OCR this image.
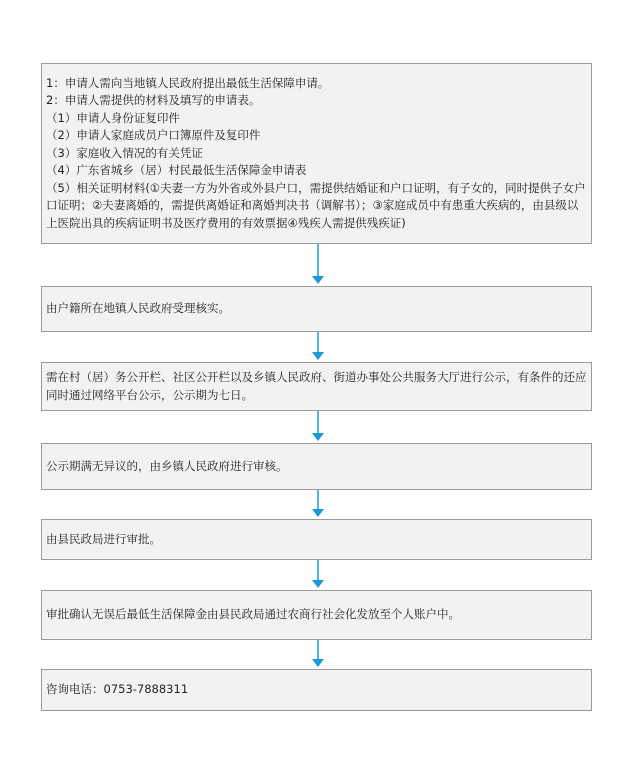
1：申请人需向当地镇人民政府提出最低生活保障申请。
2：申请人需提供的材料及填写的申请表。
（1）申请人身份证复印件
（2）申请人家庭成员户口簿原件及复印件
（3）家庭收入情况的有关凭证
（4）广东省城乡（居）村民最低生活保障金申请表
（5）相关证明材料(①夫妻一方为外省或外县户口，需提供结婚证和户口证明，有子女的，同时提供子女户口证明；②夫妻离婚的，需提供离婚证和离婚判决书（调解书）；③家庭成员中有患重大疾病的，由县级以上医院出具的疾病证明书及医疗费用的有效票据④残疾人需提供残疾证)
由户籍所在地镇人民政府受理核实。
需在村（居）务公开栏、社区公开栏以及乡镇人民政府、街道办事处公共服务大厅进行公示，有条件的还应同时通过网络平台公示，公示期为七日。
公示期满无异议的，由乡镇人民政府进行审核。
由县民政局进行审批。
审批确认无误后最低生活保障金由县民政局通过农商行社会化发放至个人账户中。
咨询电话：0753-7888311
